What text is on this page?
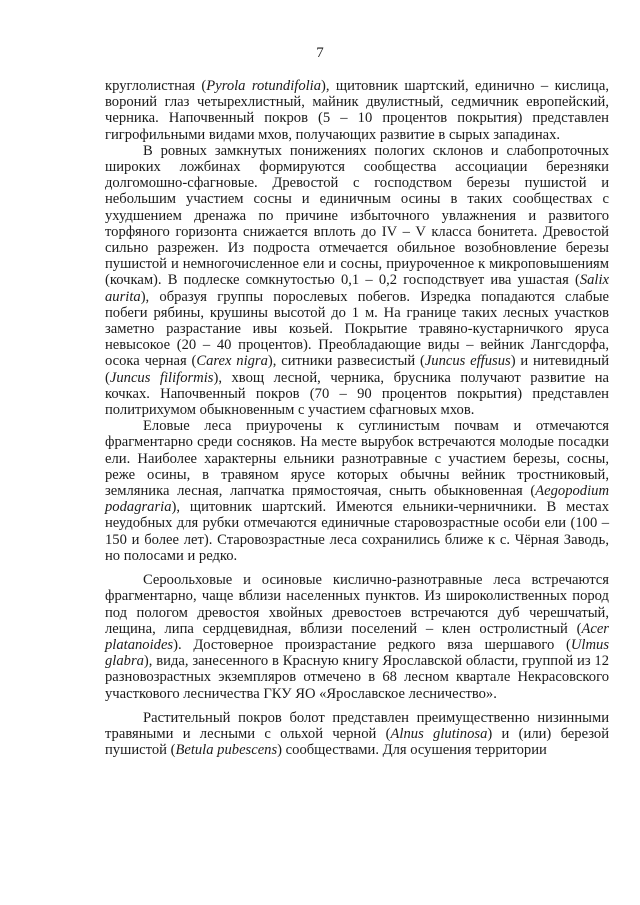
7

круглолистная (Pyrola rotundifolia), щитовник шартский, единично – кислица, вороний глаз четырехлистный, майник двулистный, седмичник европейский, черника. Напочвенный покров (5 – 10 процентов покрытия) представлен гигрофильными видами мхов, получающих развитие в сырых западинах.

В ровных замкнутых понижениях пологих склонов и слабопроточных широких ложбинах формируются сообщества ассоциации березняки долгомошно-сфагновые. Древостой с господством березы пушистой и небольшим участием сосны и единичным осины в таких сообществах с ухудшением дренажа по причине избыточного увлажнения и развитого торфяного горизонта снижается вплоть до IV – V класса бонитета. Древостой сильно разрежен. Из подроста отмечается обильное возобновление березы пушистой и немногочисленное ели и сосны, приуроченное к микроповышениям (кочкам). В подлеске сомкнутостью 0,1 – 0,2 господствует ива ушастая (Salix aurita), образуя группы порослевых побегов. Изредка попадаются слабые побеги рябины, крушины высотой до 1 м. На границе таких лесных участков заметно разрастание ивы козьей. Покрытие травяно-кустарничкого яруса невысокое (20 – 40 процентов). Преобладающие виды – вейник Лангсдорфа, осока черная (Carex nigra), ситники развесистый (Juncus effusus) и нитевидный (Juncus filiformis), хвощ лесной, черника, брусника получают развитие на кочках. Напочвенный покров (70 – 90 процентов покрытия) представлен политрихумом обыкновенным с участием сфагновых мхов.

Еловые леса приурочены к суглинистым почвам и отмечаются фрагментарно среди сосняков. На месте вырубок встречаются молодые посадки ели. Наиболее характерны ельники разнотравные с участием березы, сосны, реже осины, в травяном ярусе которых обычны вейник тростниковый, земляника лесная, лапчатка прямостоячая, сныть обыкновенная (Aegopodium podagraria), щитовник шартский. Имеются ельники-черничники. В местах неудобных для рубки отмечаются единичные старовозрастные особи ели (100 – 150 и более лет). Старовозрастные леса сохранились ближе к с. Чёрная Заводь, но полосами и редко.

Сероольховые и осиновые кислично-разнотравные леса встречаются фрагментарно, чаще вблизи населенных пунктов. Из широколиственных пород под пологом древостоя хвойных древостоев встречаются дуб черешчатый, лещина, липа сердцевидная, вблизи поселений – клен остролистный (Acer platanoides). Достоверное произрастание редкого вяза шершавого (Ulmus glabra), вида, занесенного в Красную книгу Ярославской области, группой из 12 разновозрастных экземпляров отмечено в 68 лесном квартале Некрасовского участкового лесничества ГКУ ЯО «Ярославское лесничество».

Растительный покров болот представлен преимущественно низинными травяными и лесными с ольхой черной (Alnus glutinosa) и (или) березой пушистой (Betula pubescens) сообществами. Для осушения территории
